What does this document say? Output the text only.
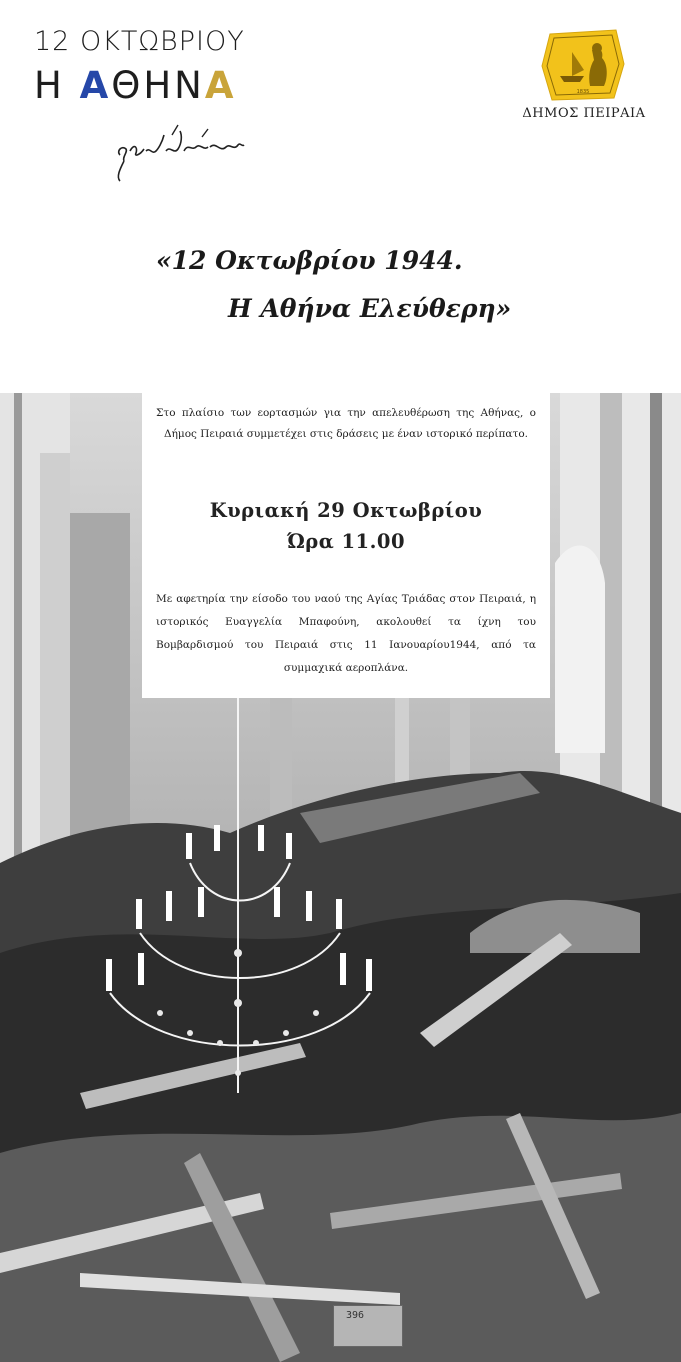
12 ΟΚΤΩΒΡΙΟΥ
Η ΑΘΗΝΑ	1835
ΔΗΜΟΣ ΠΕΙΡΑΙΑ
«12 Οκτωβρίου 1944.
Η Αθήνα Ελεύθερη»
396
Στο πλαίσιο των εορτασμών για την απελευθέρωση της Αθήνας, ο Δήμος Πειραιά συμμετέχει στις δράσεις με έναν ιστορικό περίπατο.
Κυριακή 29 Οκτωβρίου
Ώρα 11.00
Με αφετηρία την είσοδο του ναού της Αγίας Τριάδας στον Πειραιά, η ιστορικός Ευαγγελία Μπαφούνη, ακολουθεί τα ίχνη του Βομβαρδισμού του Πειραιά στις 11 Ιανουαρίου1944, από τα συμμαχικά αεροπλάνα.
